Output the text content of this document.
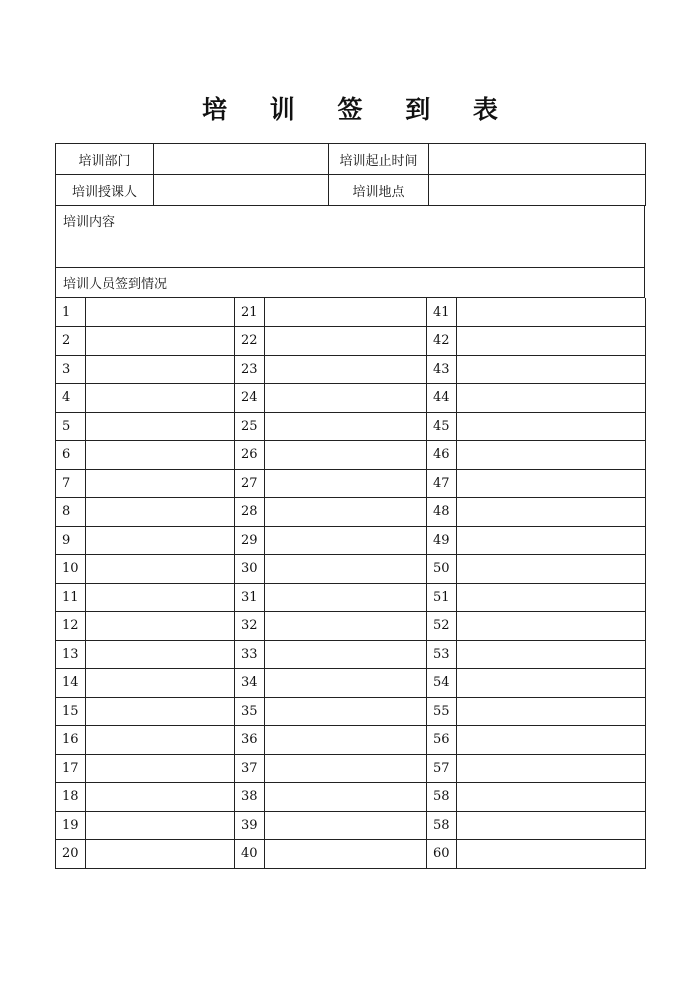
培 训 签 到 表
培训部门		培训起止时间	
培训授课人		培训地点	
培训内容
培训人员签到情况
1		21		41	
2		22		42	
3		23		43	
4		24		44	
5		25		45	
6		26		46	
7		27		47	
8		28		48	
9		29		49	
10		30		50	
11		31		51	
12		32		52	
13		33		53	
14		34		54	
15		35		55	
16		36		56	
17		37		57	
18		38		58	
19		39		58	
20		40		60	
